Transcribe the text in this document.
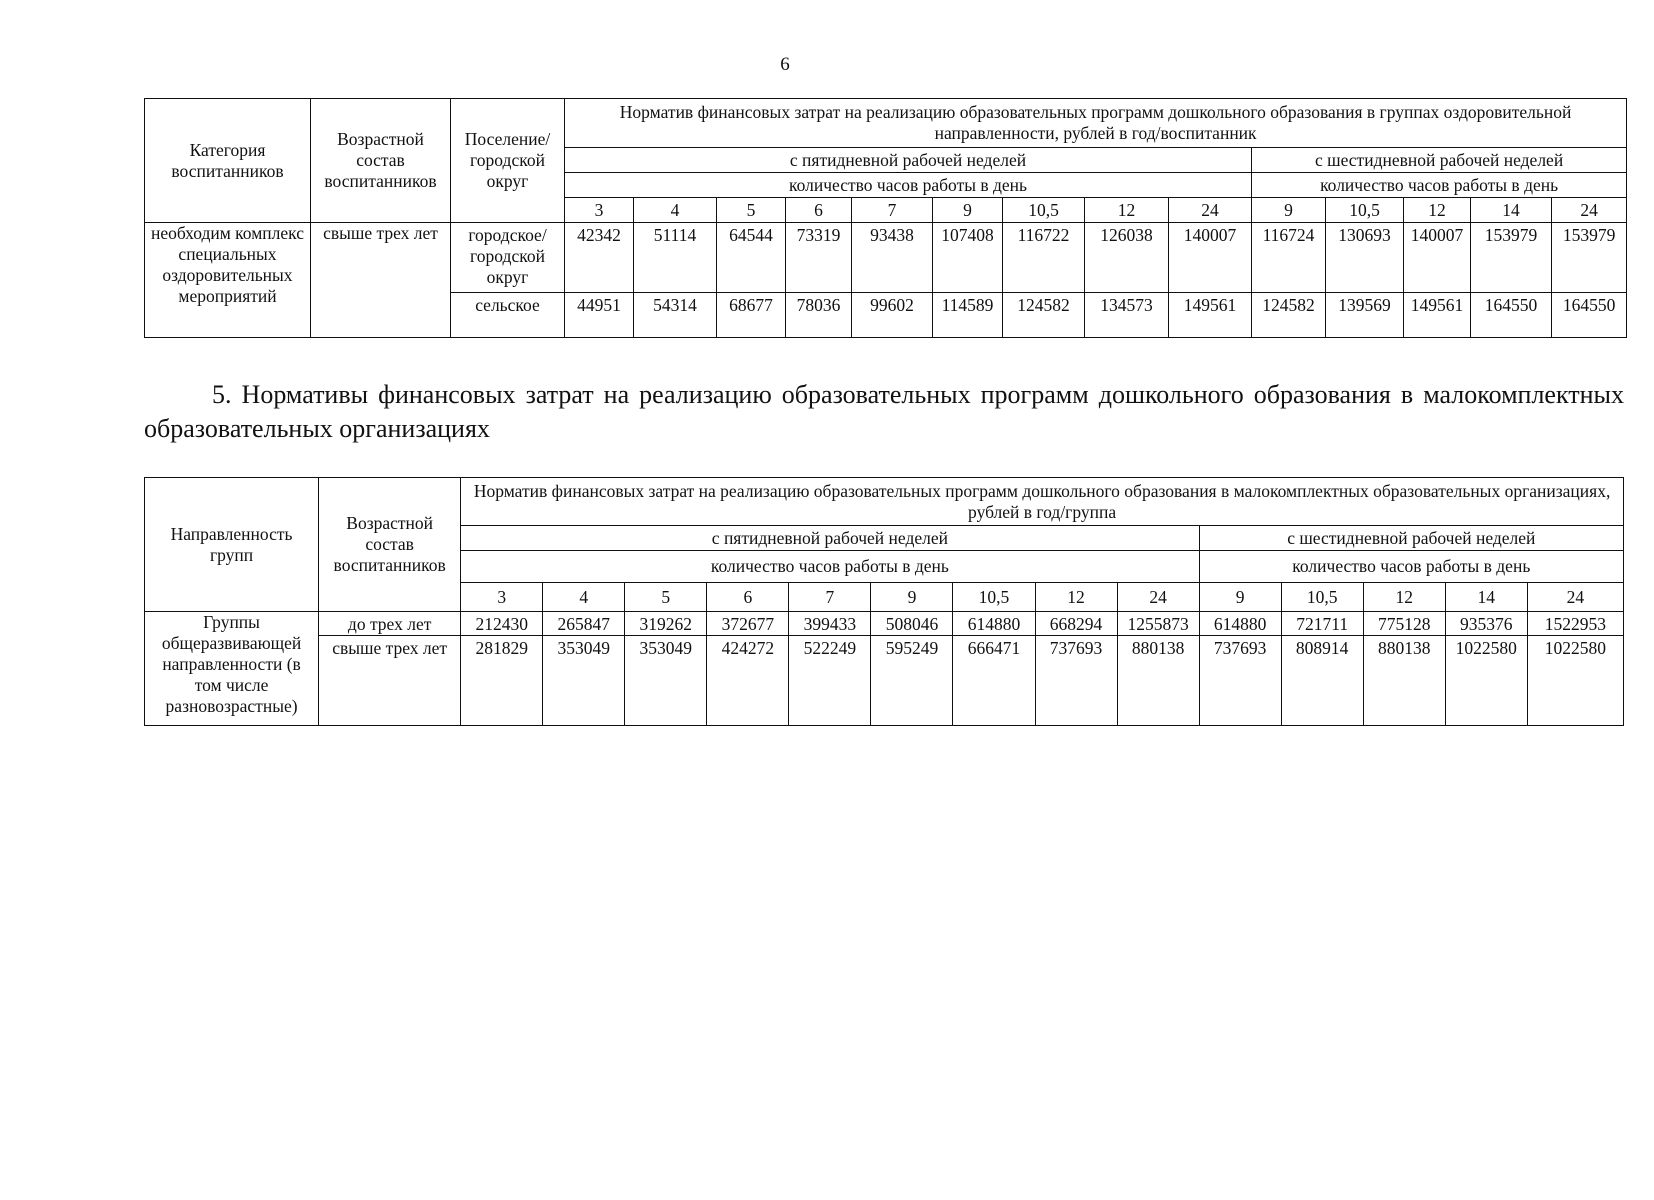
6
Категория воспитанников	Возрастной состав воспитанников	Поселение/ городской округ	Норматив финансовых затрат на реализацию образовательных программ дошкольного образования в группах оздоровительной направленности, рублей в год/воспитанник													
			с пятидневной рабочей неделей									с шестидневной рабочей неделей				
			количество часов работы в день									количество часов работы в день				
			3	4	5	6	7	9	10,5	12	24	9	10,5	12	14	24
необходим комплекс специальных оздоровительных мероприятий	свыше трех лет	городское/ городской округ	42342	51114	64544	73319	93438	107408	116722	126038	140007	116724	130693	140007	153979	153979
		сельское	44951	54314	68677	78036	99602	114589	124582	134573	149561	124582	139569	149561	164550	164550
5. Нормативы финансовых затрат на реализацию образовательных программ дошкольного образования в малокомплектных образовательных организациях
Направленность групп	Возрастной состав воспитанников	Норматив финансовых затрат на реализацию образовательных программ дошкольного образования в малокомплектных образовательных организациях, рублей в год/группа													
		с пятидневной рабочей неделей									с шестидневной рабочей неделей				
		количество часов работы в день									количество часов работы в день				
		3	4	5	6	7	9	10,5	12	24	9	10,5	12	14	24
Группы общеразвивающей направленности (в том числе разновозрастные)	до трех лет	212430	265847	319262	372677	399433	508046	614880	668294	1255873	614880	721711	775128	935376	1522953
	свыше трех лет	281829	353049	353049	424272	522249	595249	666471	737693	880138	737693	808914	880138	1022580	1022580
